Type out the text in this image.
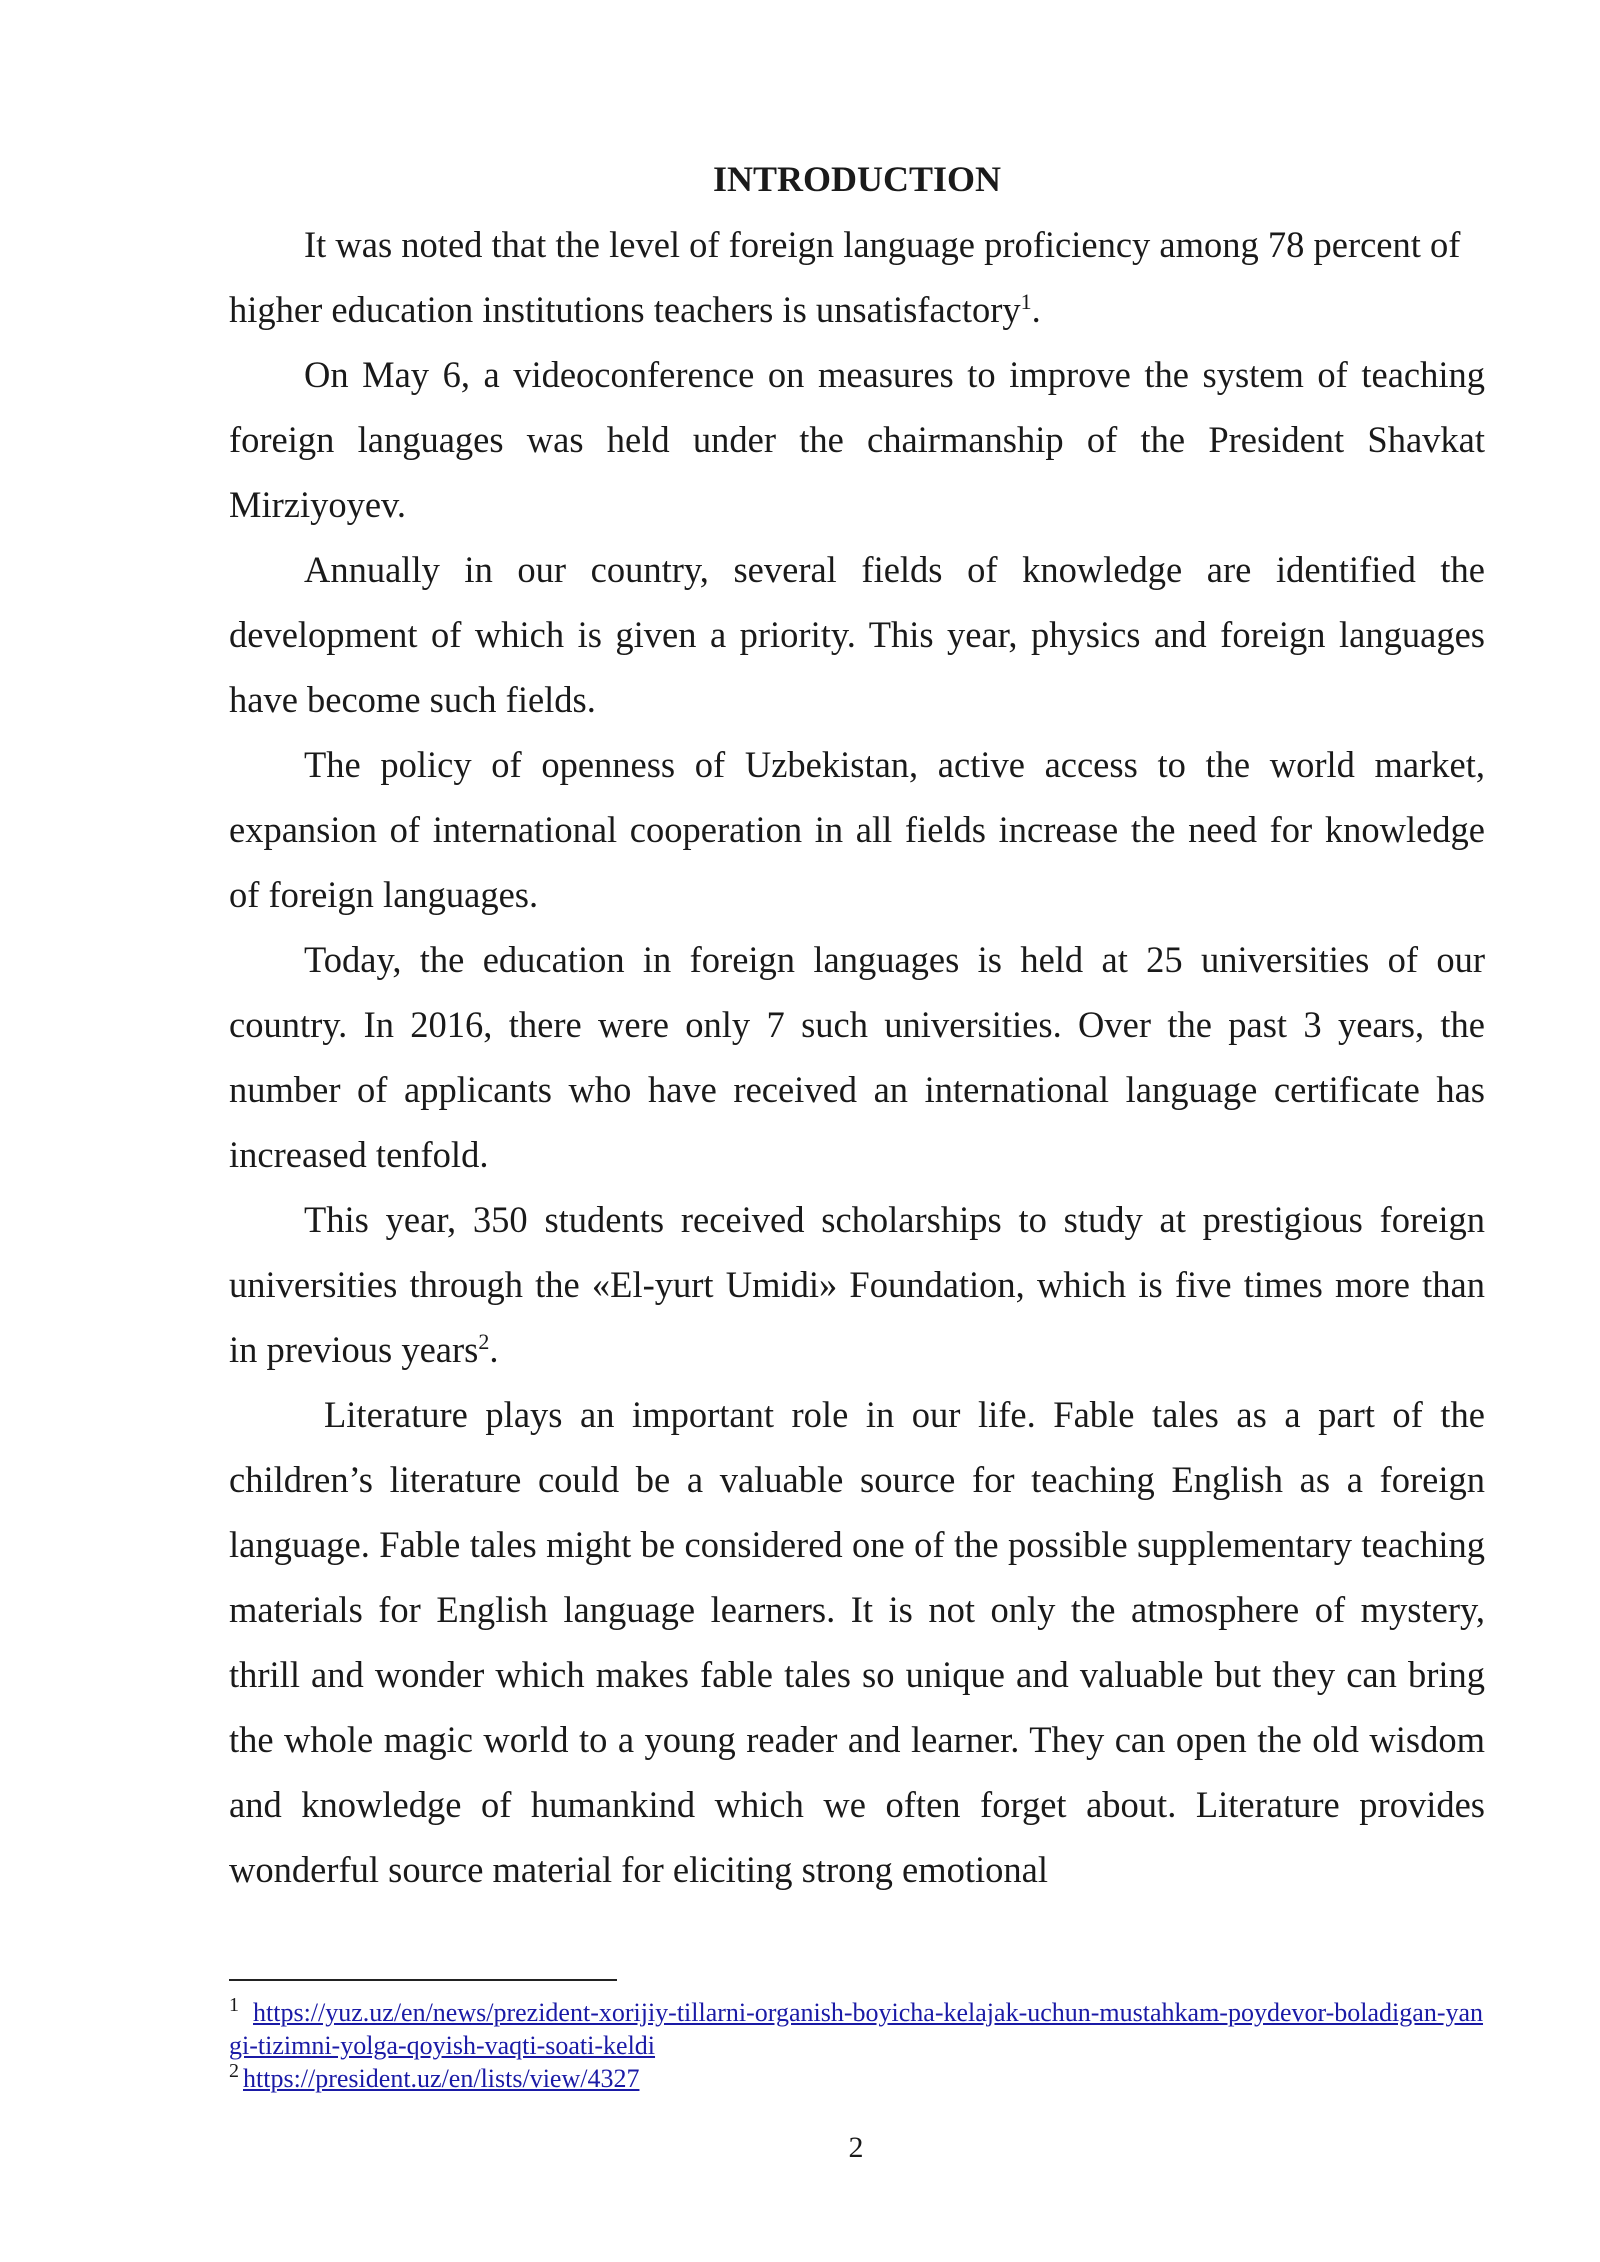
INTRODUCTION

It was noted that the level of foreign language proficiency among 78 percent of higher education institutions teachers is unsatisfactory$^1$.

On May 6, a videoconference on measures to improve the system of teaching foreign languages was held under the chairmanship of the President Shavkat Mirziyoyev.

Annually in our country, several fields of knowledge are identified the development of which is given a priority. This year, physics and foreign languages have become such fields.

The policy of openness of Uzbekistan, active access to the world market, expansion of international cooperation in all fields increase the need for knowledge of foreign languages.

Today, the education in foreign languages is held at 25 universities of our country. In 2016, there were only 7 such universities. Over the past 3 years, the number of applicants who have received an international language certificate has increased tenfold.

This year, 350 students received scholarships to study at prestigious foreign universities through the «El-yurt Umidi» Foundation, which is five times more than in previous years$^2$.

Literature plays an important role in our life. Fable tales as a part of the children’s literature could be a valuable source for teaching English as a foreign language. Fable tales might be considered one of the possible supplementary teaching materials for English language learners. It is not only the atmosphere of mystery, thrill and wonder which makes fable tales so unique and valuable but they can bring the whole magic world to a young reader and learner. They can open the old wisdom and knowledge of humankind which we often forget about. Literature provides wonderful source material for eliciting strong emotional

$^1$ https://yuz.uz/en/news/prezident-xorijiy-tillarni-organish-boyicha-kelajak-uchun-mustahkam-poydevor-boladigan-yangi-tizimni-yolga-qoyish-vaqti-soati-keldi

$^2$ https://president.uz/en/lists/view/4327

2
